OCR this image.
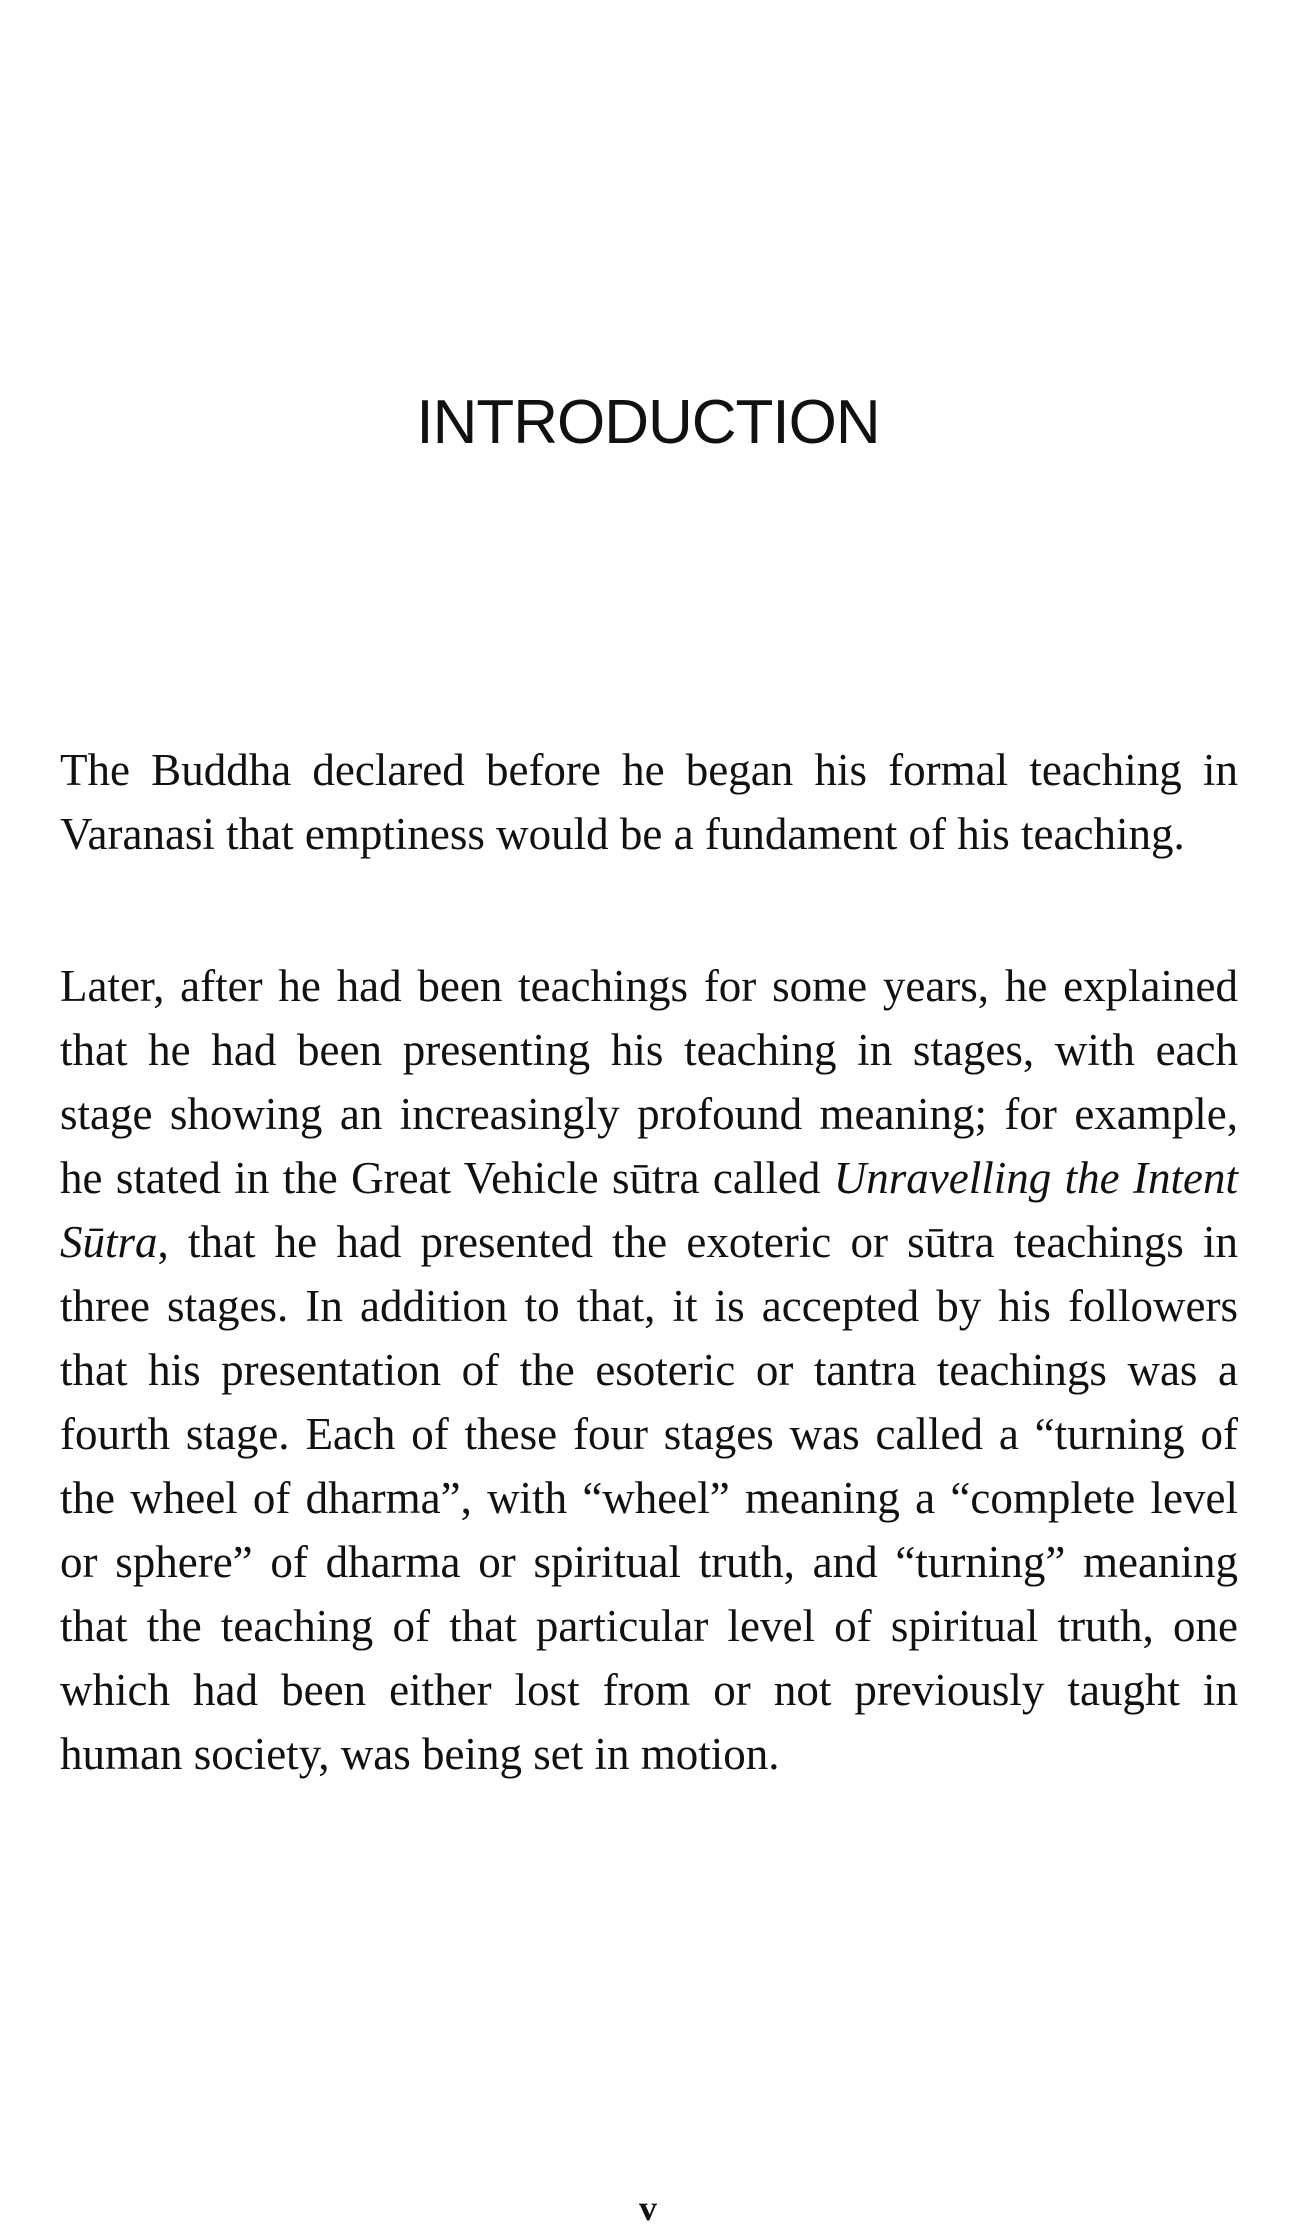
INTRODUCTION

The Buddha declared before he began his formal teaching in Varanasi that emptiness would be a fundament of his teaching.

Later, after he had been teachings for some years, he explained that he had been presenting his teaching in stages, with each stage showing an increasingly profound meaning; for example, he stated in the Great Vehicle sūtra called Unravelling the Intent Sūtra, that he had presented the exoteric or sūtra teachings in three stages. In addition to that, it is accepted by his followers that his presentation of the esoteric or tantra teachings was a fourth stage. Each of these four stages was called a “turning of the wheel of dharma”, with “wheel” meaning a “complete level or sphere” of dharma or spiritual truth, and “turning” meaning that the teaching of that particular level of spiritual truth, one which had been either lost from or not previously taught in human society, was being set in motion.

v
